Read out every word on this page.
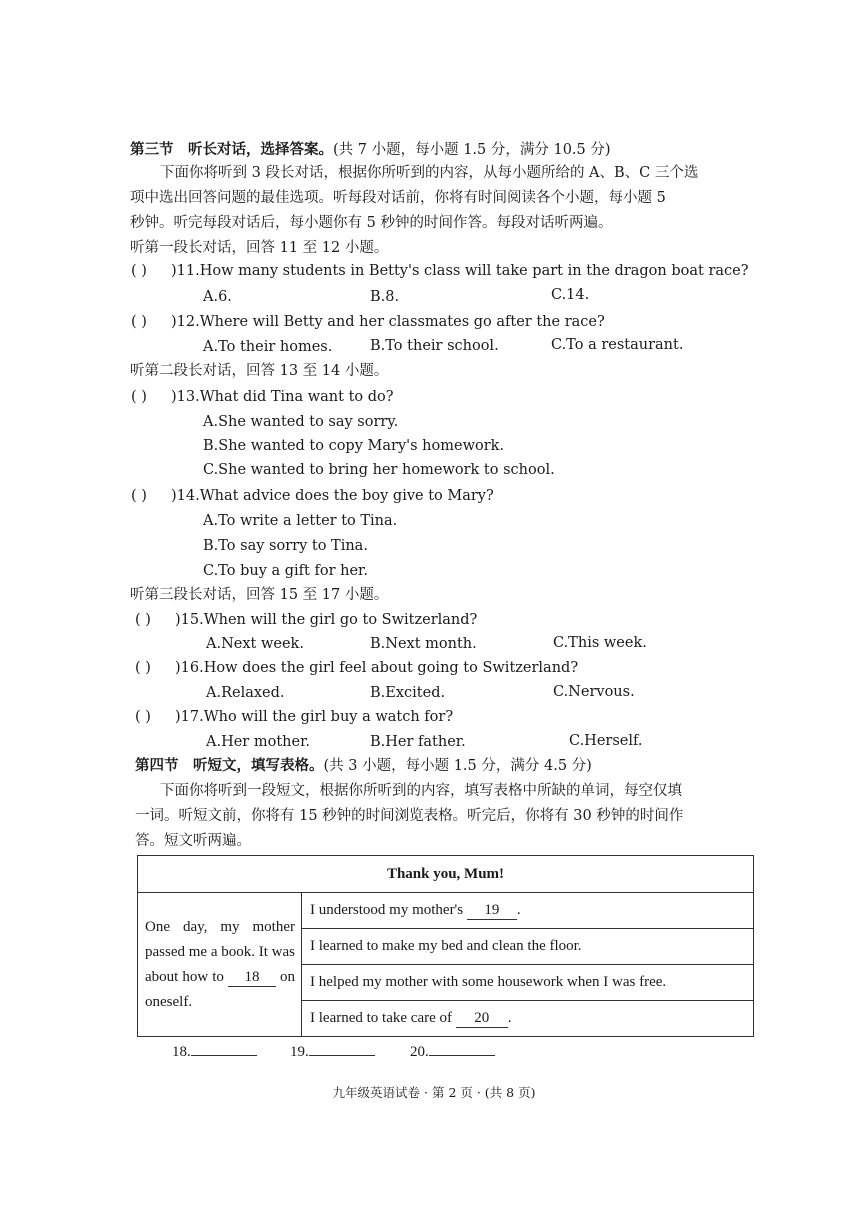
第三节　听长对话，选择答案。(共 7 小题，每小题 1.5 分，满分 10.5 分)
下面你将听到 3 段长对话，根据你所听到的内容，从每小题所给的 A、B、C 三个选
项中选出回答问题的最佳选项。听每段对话前，你将有时间阅读各个小题，每小题 5
秒钟。听完每段对话后，每小题你有 5 秒钟的时间作答。每段对话听两遍。
听第一段长对话，回答 11 至 12 小题。
( ) )11.How many students in Betty's class will take part in the dragon boat race?
A.6.	B.8.	C.14.
( ) )12.Where will Betty and her classmates go after the race?
A.To their homes.	B.To their school.	C.To a restaurant.
听第二段长对话，回答 13 至 14 小题。
( ) )13.What did Tina want to do?
A.She wanted to say sorry.
B.She wanted to copy Mary's homework.
C.She wanted to bring her homework to school.
( ) )14.What advice does the boy give to Mary?
A.To write a letter to Tina.
B.To say sorry to Tina.
C.To buy a gift for her.
听第三段长对话，回答 15 至 17 小题。
( ) )15.When will the girl go to Switzerland?
A.Next week.	B.Next month.	C.This week.
( ) )16.How does the girl feel about going to Switzerland?
A.Relaxed.	B.Excited.	C.Nervous.
( ) )17.Who will the girl buy a watch for?
A.Her mother.	B.Her father.	C.Herself.
第四节　听短文，填写表格。(共 3 小题，每小题 1.5 分，满分 4.5 分)
下面你将听到一段短文，根据你所听到的内容，填写表格中所缺的单词，每空仅填
一词。听短文前，你将有 15 秒钟的时间浏览表格。听完后，你将有 30 秒钟的时间作
答。短文听两遍。
Thank you, Mum!
One day, my mother passed me a book. It was about how to 18 on oneself.	I understood my mother's 19 .
I learned to make my bed and clean the floor.
I helped my mother with some housework when I was free.
I learned to take care of 20 .
18.	19.	20.
九年级英语试卷 · 第 2 页 · (共 8 页)
